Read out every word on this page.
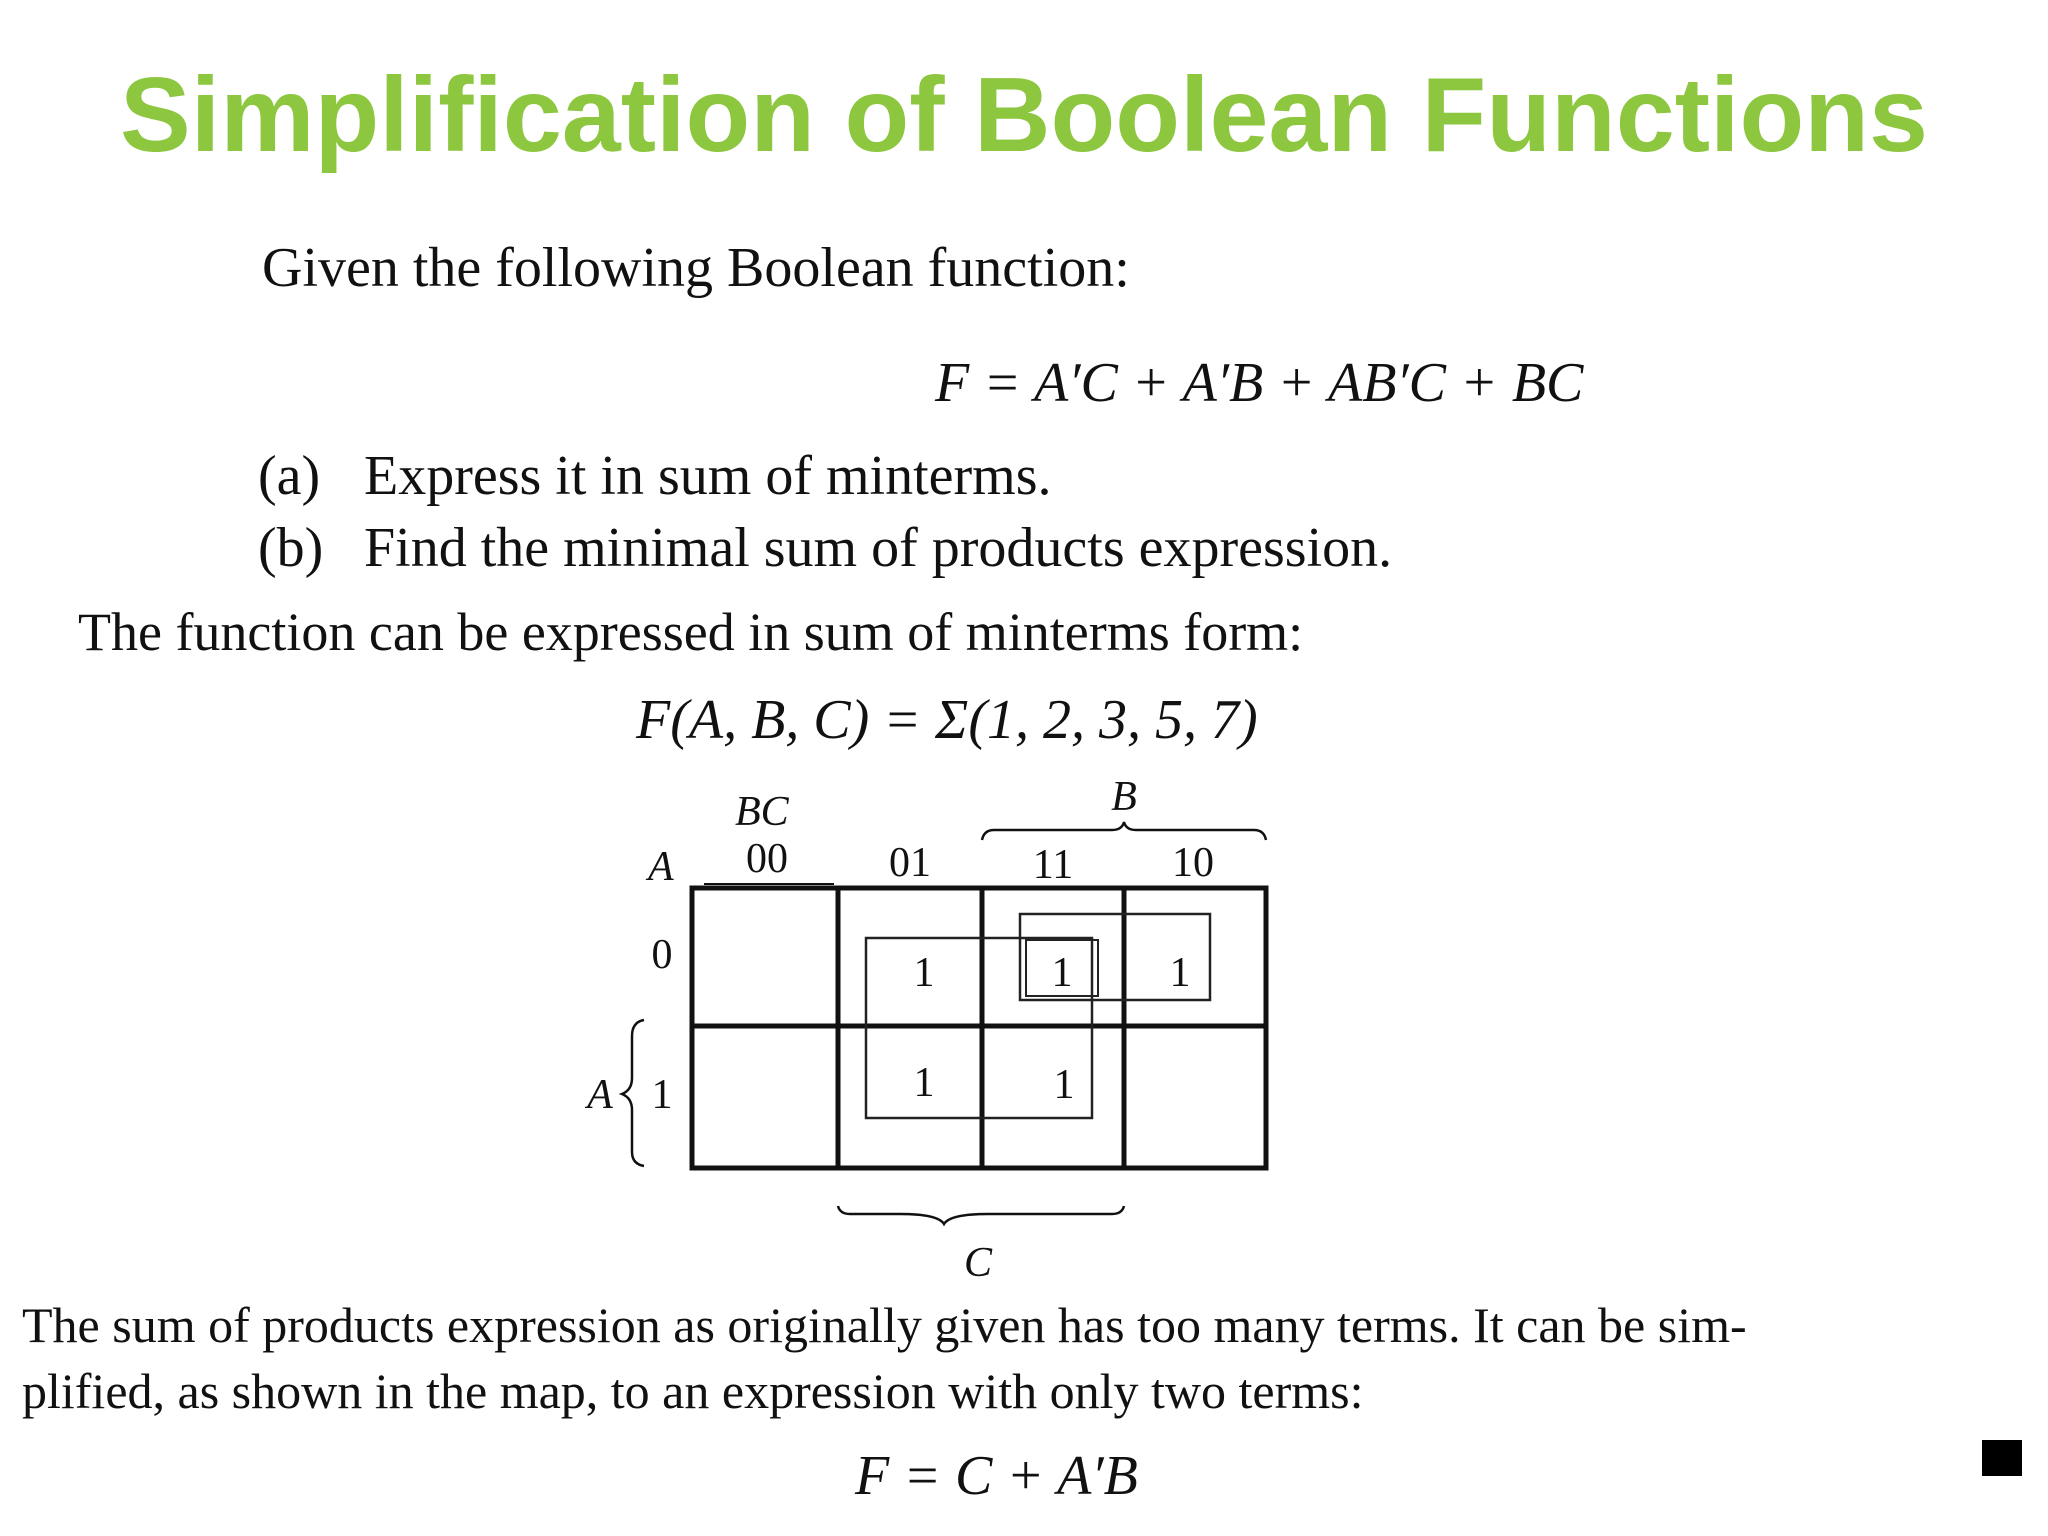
Simplification of Boolean Functions
Given the following Boolean function:
F = A′C + A′B + AB′C + BC
(a) Express it in sum of minterms.
(b) Find the minimal sum of products expression.
The function can be expressed in sum of minterms form:
F(A, B, C) = Σ(1, 2, 3, 5, 7)
BC
A 00 01 11 10
B
0
1
A
1	1 1
1	1
C
The sum of products expression as originally given has too many terms. It can be sim-
plified, as shown in the map, to an expression with only two terms:
F = C + A′B
